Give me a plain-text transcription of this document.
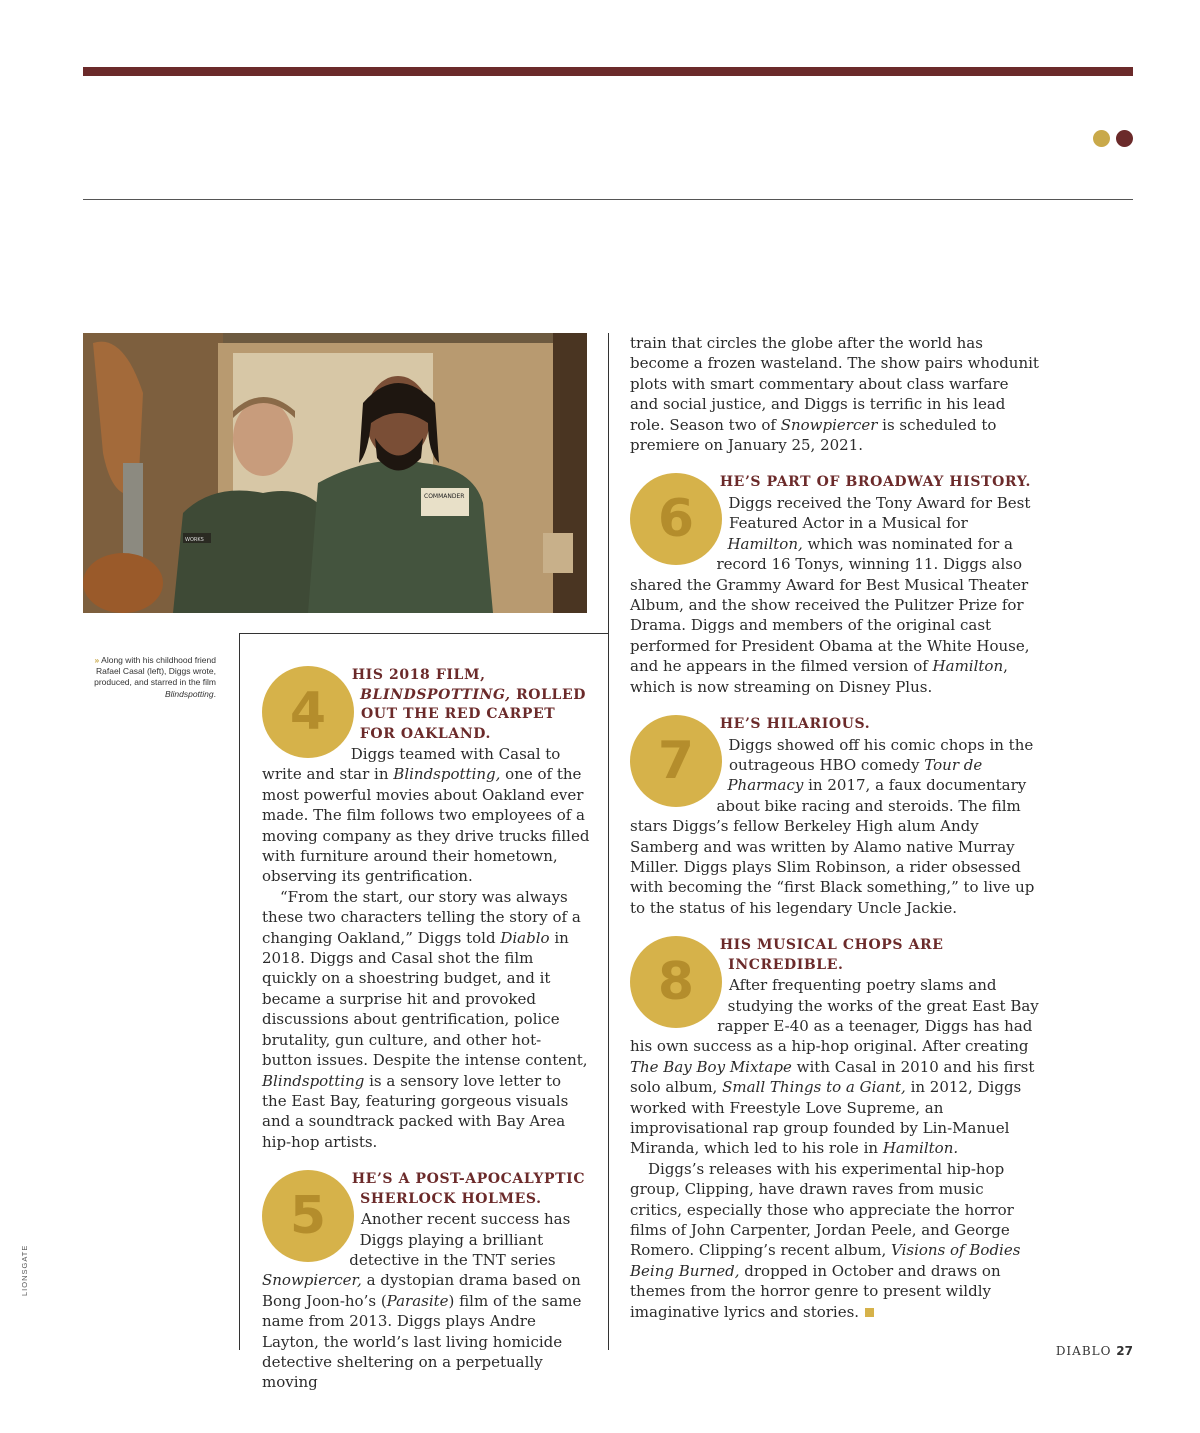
COMMANDER
WORKS
» Along with his childhood friend Rafael Casal (left), Diggs wrote, produced, and starred in the film Blindspotting.
LIONSGATE
4
HIS 2018 FILM, BLINDSPOTTING, ROLLED OUT THE RED CARPET FOR OAKLAND.

Diggs teamed with Casal to write and star in Blindspotting, one of the most powerful movies about Oakland ever made. The film follows two employees of a moving company as they drive trucks filled with furniture around their hometown, observing its gentrification.

“From the start, our story was always these two characters telling the story of a changing Oakland,” Diggs told Diablo in 2018. Diggs and Casal shot the film quickly on a shoestring budget, and it became a surprise hit and provoked discussions about gentrification, police brutality, gun culture, and other hot-button issues. Despite the intense content, Blindspotting is a sensory love letter to the East Bay, featuring gorgeous visuals and a soundtrack packed with Bay Area hip-hop artists.

5
HE’S A POST-APOCALYPTIC SHERLOCK HOLMES.

Another recent success has Diggs playing a brilliant detective in the TNT series Snowpiercer, a dystopian drama based on Bong Joon-ho’s (Parasite) film of the same name from 2013. Diggs plays Andre Layton, the world’s last living homicide detective sheltering on a perpetually moving

train that circles the globe after the world has become a frozen wasteland. The show pairs whodunit plots with smart commentary about class warfare and social justice, and Diggs is terrific in his lead role. Season two of Snowpiercer is scheduled to premiere on January 25, 2021.

6
HE’S PART OF BROADWAY HISTORY.

Diggs received the Tony Award for Best Featured Actor in a Musical for Hamilton, which was nominated for a record 16 Tonys, winning 11. Diggs also shared the Grammy Award for Best Musical Theater Album, and the show received the Pulitzer Prize for Drama. Diggs and members of the original cast performed for President Obama at the White House, and he appears in the filmed version of Hamilton, which is now streaming on Disney Plus.

7
HE’S HILARIOUS.

Diggs showed off his comic chops in the outrageous HBO comedy Tour de Pharmacy in 2017, a faux documentary about bike racing and steroids. The film stars Diggs’s fellow Berkeley High alum Andy Samberg and was written by Alamo native Murray Miller. Diggs plays Slim Robinson, a rider obsessed with becoming the “first Black something,” to live up to the status of his legendary Uncle Jackie.

8
HIS MUSICAL CHOPS ARE INCREDIBLE.

After frequenting poetry slams and studying the works of the great East Bay rapper E-40 as a teenager, Diggs has had his own success as a hip-hop original. After creating The Bay Boy Mixtape with Casal in 2010 and his first solo album, Small Things to a Giant, in 2012, Diggs worked with Freestyle Love Supreme, an improvisational rap group founded by Lin-Manuel Miranda, which led to his role in Hamilton.

Diggs’s releases with his experimental hip-hop group, Clipping, have drawn raves from music critics, especially those who appreciate the horror films of John Carpenter, Jordan Peele, and George Romero. Clipping’s recent album, Visions of Bodies Being Burned, dropped in October and draws on themes from the horror genre to present wildly imaginative lyrics and stories.

DIABLO 27
